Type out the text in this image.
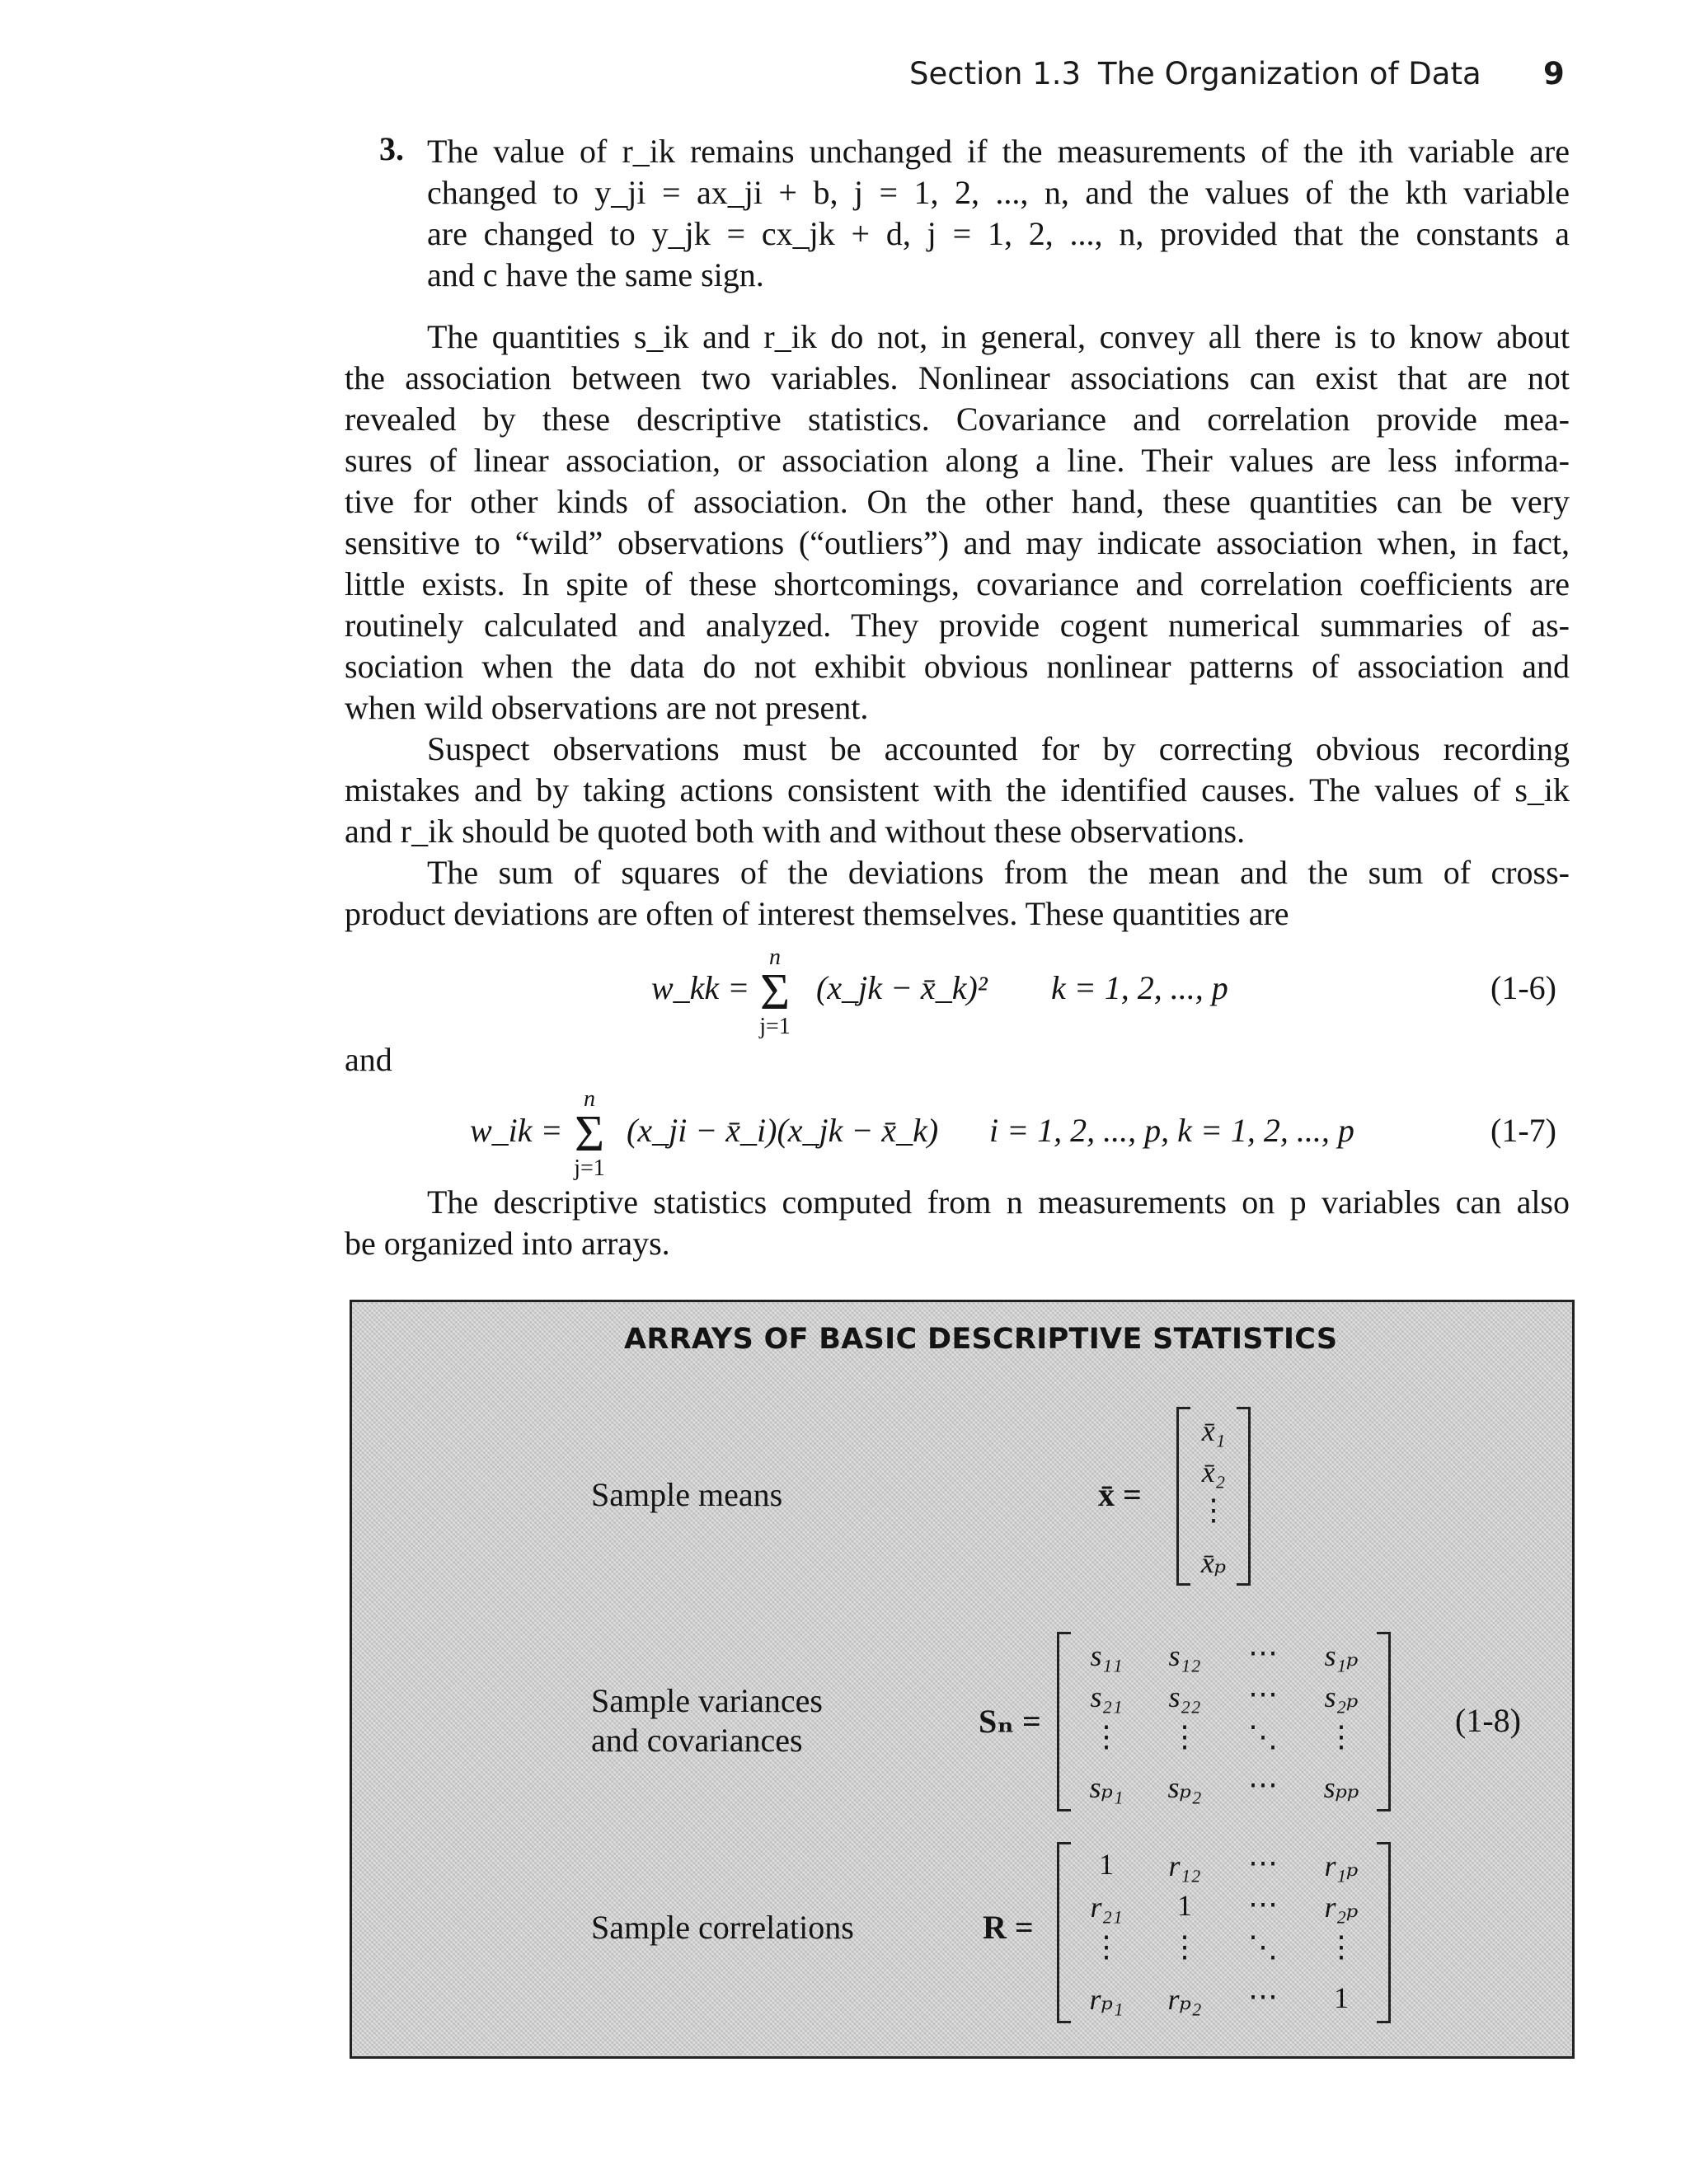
Section 1.3 The Organization of Data 9
3. The value of r_ik remains unchanged if the measurements of the ith variable are
changed to y_ji = ax_ji + b, j = 1, 2, ..., n, and the values of the kth variable
are changed to y_jk = cx_jk + d, j = 1, 2, ..., n, provided that the constants a
and c have the same sign.

The quantities s_ik and r_ik do not, in general, convey all there is to know about
the association between two variables. Nonlinear associations can exist that are not
revealed by these descriptive statistics. Covariance and correlation provide mea-
sures of linear association, or association along a line. Their values are less informa-
tive for other kinds of association. On the other hand, these quantities can be very
sensitive to “wild” observations (“outliers”) and may indicate association when, in fact,
little exists. In spite of these shortcomings, covariance and correlation coefficients are
routinely calculated and analyzed. They provide cogent numerical summaries of as-
sociation when the data do not exhibit obvious nonlinear patterns of association and
when wild observations are not present.

Suspect observations must be accounted for by correcting obvious recording
mistakes and by taking actions consistent with the identified causes. The values of s_ik
and r_ik should be quoted both with and without these observations.

The sum of squares of the deviations from the mean and the sum of cross-
product deviations are often of interest themselves. These quantities are

w_kk =
n
Σ
j=1
(x_jk − x̄_k)² k = 1, 2, ..., p	(1-6)
and
w_ik =
n
Σ
j=1
(x_ji − x̄_i)(x_jk − x̄_k) i = 1, 2, ..., p, k = 1, 2, ..., p	(1-7)

The descriptive statistics computed from n measurements on p variables can also
be organized into arrays.

ARRAYS OF BASIC DESCRIPTIVE STATISTICS
Sample means	x̄ =
x̄₁
x̄₂
⋮
x̄ₚ
Sample variances
and covariances
Sₙ =
s₁₁	s₁₂	⋯	s₁ₚ
s₂₁	s₂₂	⋯	s₂ₚ
⋮	⋮	⋱	⋮
sₚ₁	sₚ₂	⋯	sₚₚ
(1-8)
Sample correlations	R =
1	r₁₂	⋯	r₁ₚ
r₂₁	1	⋯	r₂ₚ
⋮	⋮	⋱	⋮
rₚ₁	rₚ₂	⋯	1
